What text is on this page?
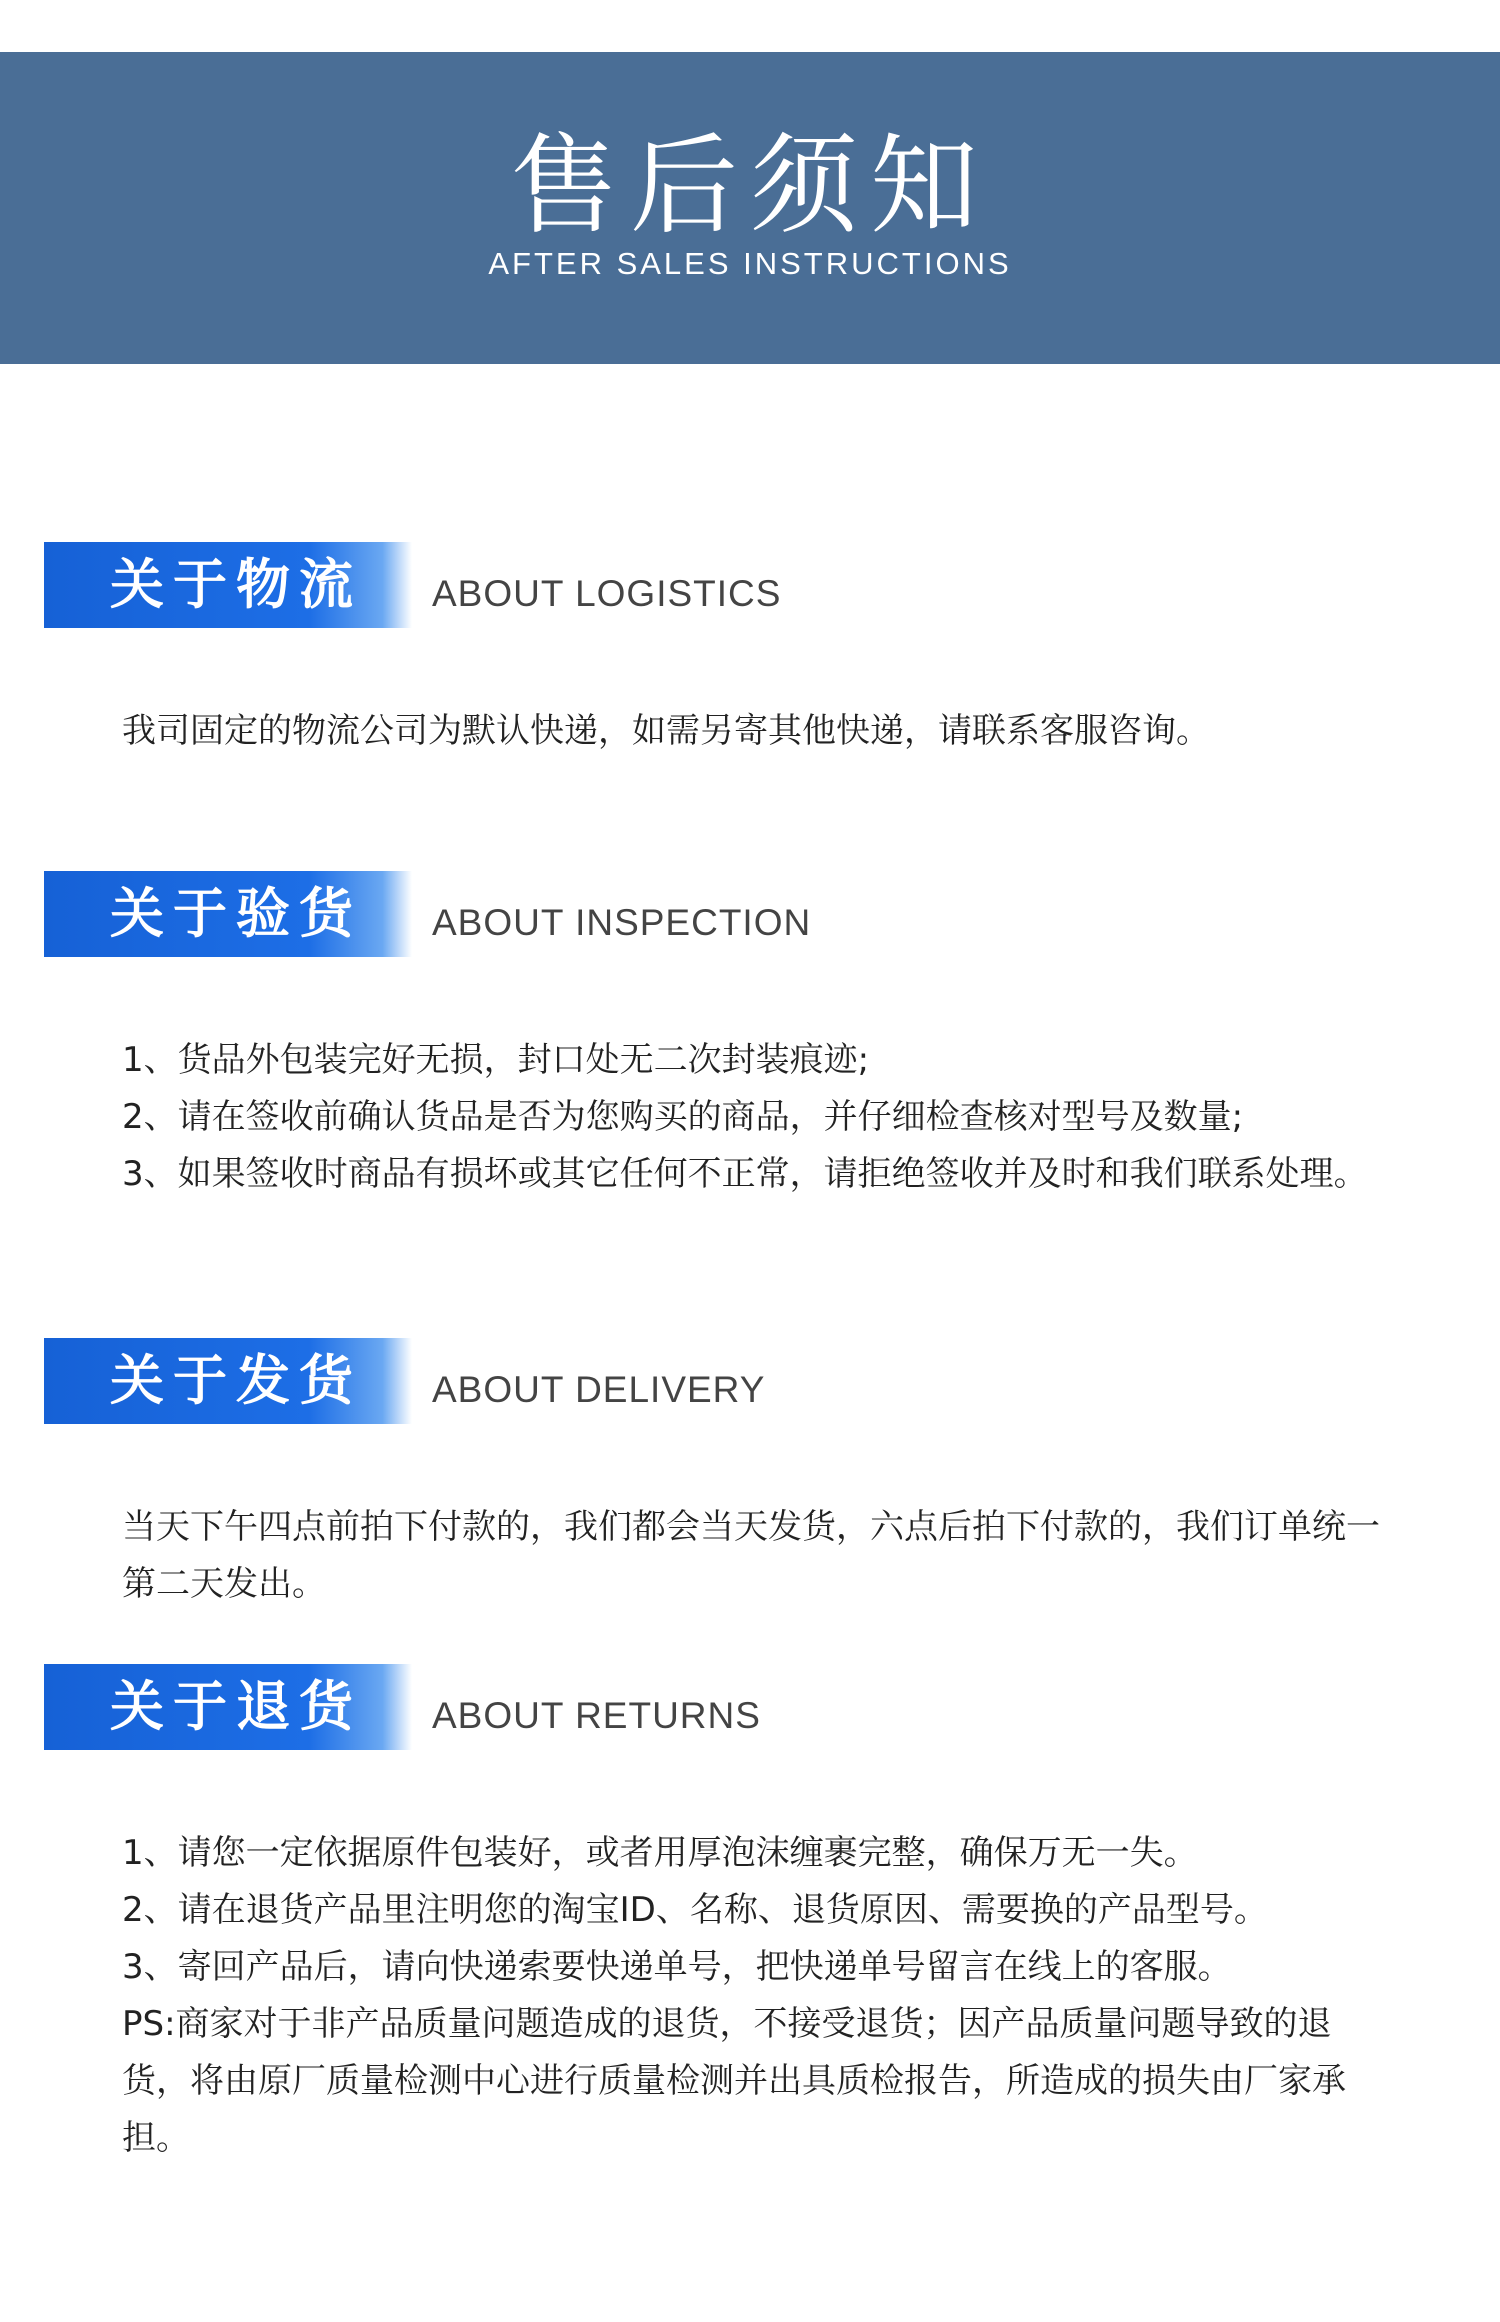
售后须知
AFTER SALES INSTRUCTIONS
关于物流	ABOUT LOGISTICS

我司固定的物流公司为默认快递，如需另寄其他快递，请联系客服咨询。

关于验货	ABOUT INSPECTION

1、货品外包装完好无损，封口处无二次封装痕迹;

2、请在签收前确认货品是否为您购买的商品，并仔细检查核对型号及数量;

3、如果签收时商品有损坏或其它任何不正常，请拒绝签收并及时和我们联系处理。

关于发货	ABOUT DELIVERY

当天下午四点前拍下付款的，我们都会当天发货，六点后拍下付款的，我们订单统一第二天发出。

关于退货	ABOUT RETURNS

1、请您一定依据原件包装好，或者用厚泡沫缠裹完整，确保万无一失。

2、请在退货产品里注明您的淘宝ID、名称、退货原因、需要换的产品型号。

3、寄回产品后，请向快递索要快递单号，把快递单号留言在线上的客服。

PS:商家对于非产品质量问题造成的退货，不接受退货；因产品质量问题导致的退货，将由原厂质量检测中心进行质量检测并出具质检报告，所造成的损失由厂家承担。
